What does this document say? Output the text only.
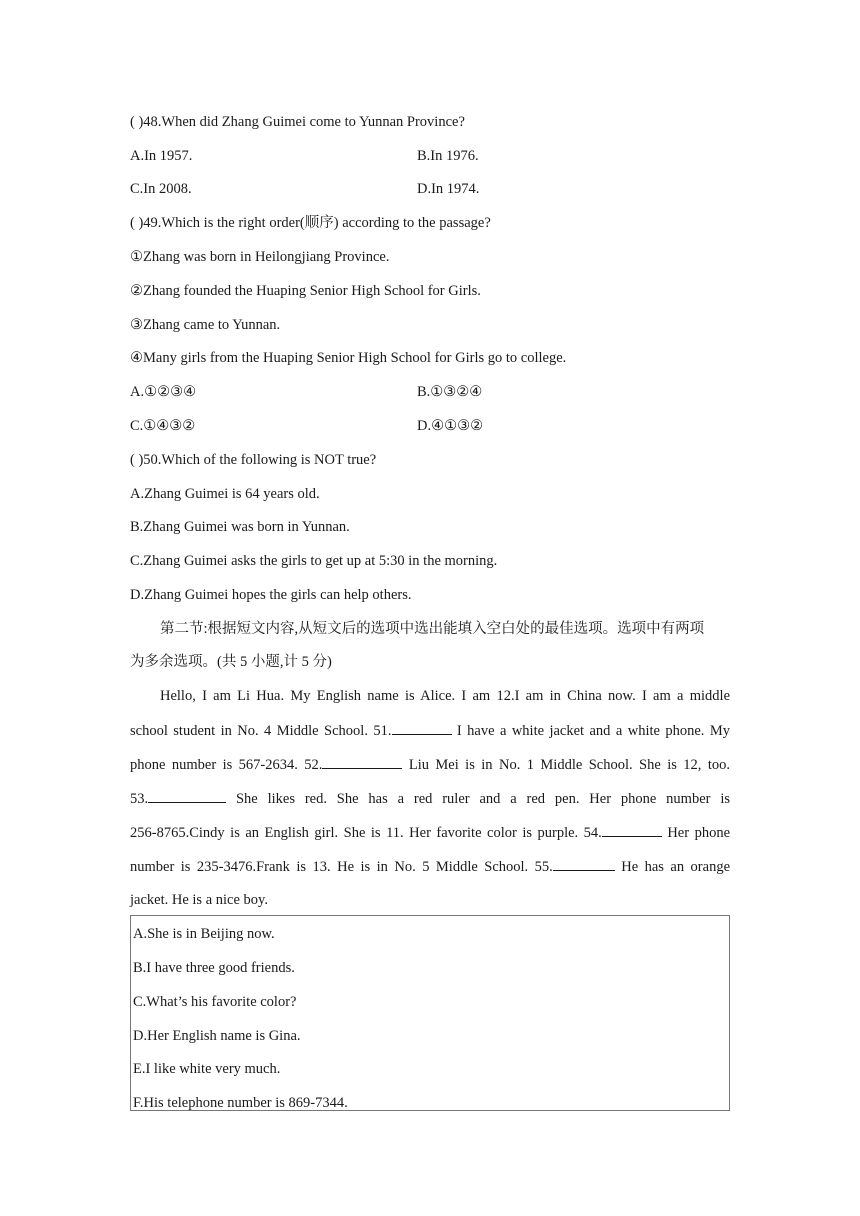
( )48.When did Zhang Guimei come to Yunnan Province?
A.In 1957.	B.In 1976.
C.In 2008.	D.In 1974.
( )49.Which is the right order(顺序) according to the passage?
①Zhang was born in Heilongjiang Province.
②Zhang founded the Huaping Senior High School for Girls.
③Zhang came to Yunnan.
④Many girls from the Huaping Senior High School for Girls go to college.
A.①②③④	B.①③②④
C.①④③②	D.④①③②
( )50.Which of the following is NOT true?
A.Zhang Guimei is 64 years old.
B.Zhang Guimei was born in Yunnan.
C.Zhang Guimei asks the girls to get up at 5:30 in the morning.
D.Zhang Guimei hopes the girls can help others.
第二节:根据短文内容,从短文后的选项中选出能填入空白处的最佳选项。选项中有两项
为多余选项。(共 5 小题,计 5 分)
Hello, I am Li Hua. My English name is Alice. I am 12.I am in China now. I am a middle
school student in No. 4 Middle School. 51.	I have a white jacket and a white phone. My
phone number is 567-2634. 52.	Liu Mei is in No. 1 Middle School. She is 12, too.
53.	She likes red. She has a red ruler and a red pen. Her phone number is
256-8765.Cindy is an English girl. She is 11. Her favorite color is purple. 54.	Her phone
number is 235-3476.Frank is 13. He is in No. 5 Middle School. 55.	He has an orange
jacket. He is a nice boy.
A.She is in Beijing now.
B.I have three good friends.
C.What’s his favorite color?
D.Her English name is Gina.
E.I like white very much.
F.His telephone number is 869-7344.
